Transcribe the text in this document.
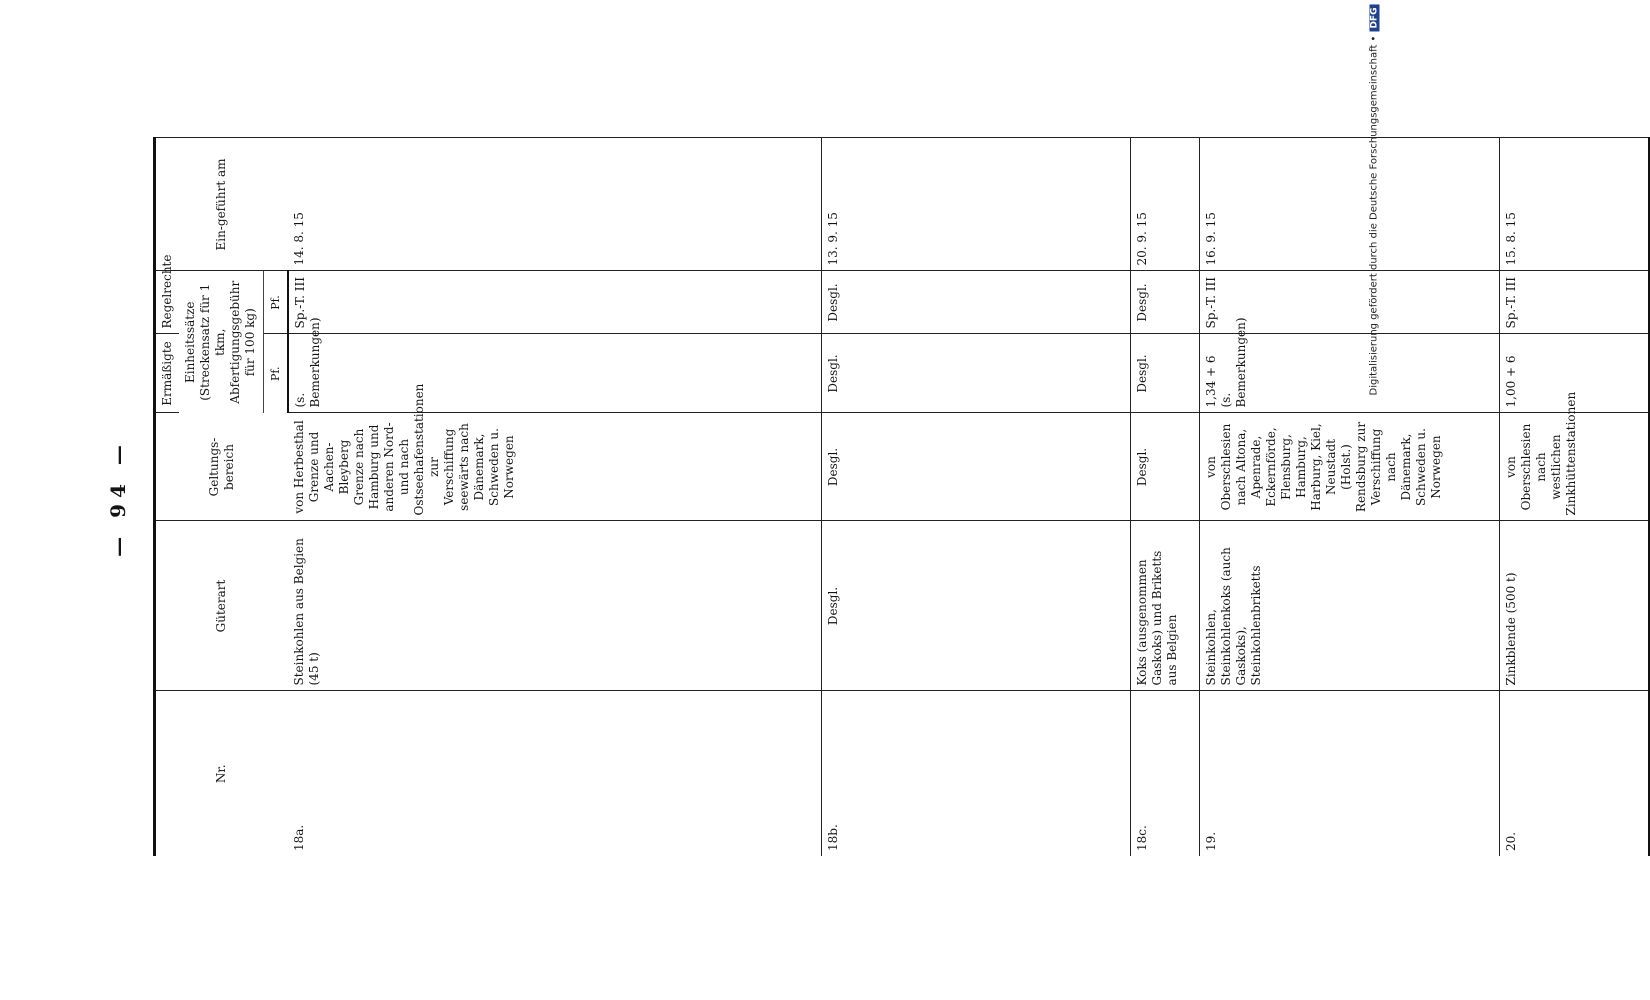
— 94 —
Digitalisierung gefördert durch die Deutsche Forschungsgemeinschaft •DFG
Nr.	Güterart	Geltungs-bereich	Ermäßigte	Regelrechte	Ein-geführt am	

			Einheitssätze (Streckensatz für 1 tkm, Abfertigungsgebühr für 100 kg)			

			Pf.	Pf.		
18a.	Steinkohlen aus Belgien (45 t)	von Herbesthal Grenze und Aachen-Bleyberg Grenze nach Hamburg und anderen Nord- und nach Ostseehafenstationen zur Verschiffung seewärts nach Dänemark, Schweden u. Norwegen	(s. Bemerkungen)	Sp.-T. III	14. 8. 15	
18b.	Desgl.	Desgl.	Desgl.	Desgl.	13. 9. 15	
18c.	Koks (ausgenommen Gaskoks) und Briketts aus Belgien	Desgl.	Desgl.	Desgl.	20. 9. 15	
19.	Steinkohlen, Steinkohlenkoks (auch Gaskoks), Steinkohlenbriketts	von Oberschlesien nach Altona, Apenrade, Eckernförde, Flensburg, Hamburg, Harburg, Kiel, Neustadt (Holst.) Rendsburg zur Verschiffung nach Dänemark, Schweden u. Norwegen	1,34 + 6 (s. Bemerkungen)	Sp.-T. III	16. 9. 15	
20.	Zinkblende (500 t)	von Oberschlesien nach westlichen Zinkhüttenstationen	1,00 + 6	Sp.-T. III	15. 8. 15	
